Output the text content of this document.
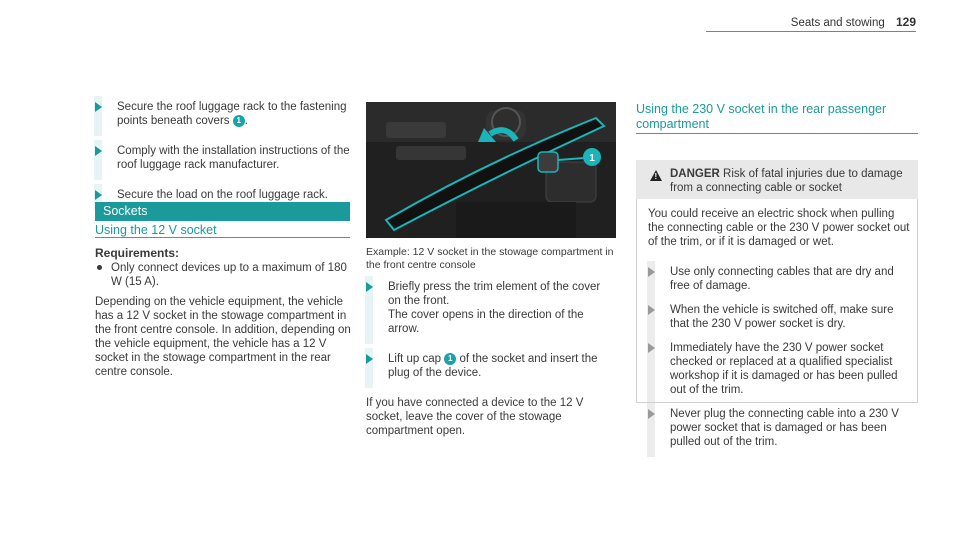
Seats and stowing 129
Secure the roof luggage rack to the fastening points beneath covers 1 .
Comply with the installation instructions of the roof luggage rack manufacturer.
Secure the load on the roof luggage rack.
Sockets
Using the 12 V socket
Requirements:
Only connect devices up to a maximum of 180 W (15 A).
Depending on the vehicle equipment, the vehicle has a 12 V socket in the stowage compartment in the front centre console. In addition, depending on the vehicle equipment, the vehicle has a 12 V socket in the stowage compartment in the rear centre console.
1
Example: 12 V socket in the stowage compartment in the front centre console
Briefly press the trim element of the cover on the front.
The cover opens in the direction of the arrow.
Lift up cap 1 of the socket and insert the plug of the device.
If you have connected a device to the 12 V socket, leave the cover of the stowage compartment open.
Using the 230 V socket in the rear passenger compartment
! DANGER Risk of fatal injuries due to damage from a connecting cable or socket
You could receive an electric shock when pulling the connecting cable or the 230 V power socket out of the trim, or if it is damaged or wet.
Use only connecting cables that are dry and free of damage.
When the vehicle is switched off, make sure that the 230 V power socket is dry.
Immediately have the 230 V power socket checked or replaced at a qualified specialist workshop if it is damaged or has been pulled out of the trim.
Never plug the connecting cable into a 230 V power socket that is damaged or has been pulled out of the trim.
